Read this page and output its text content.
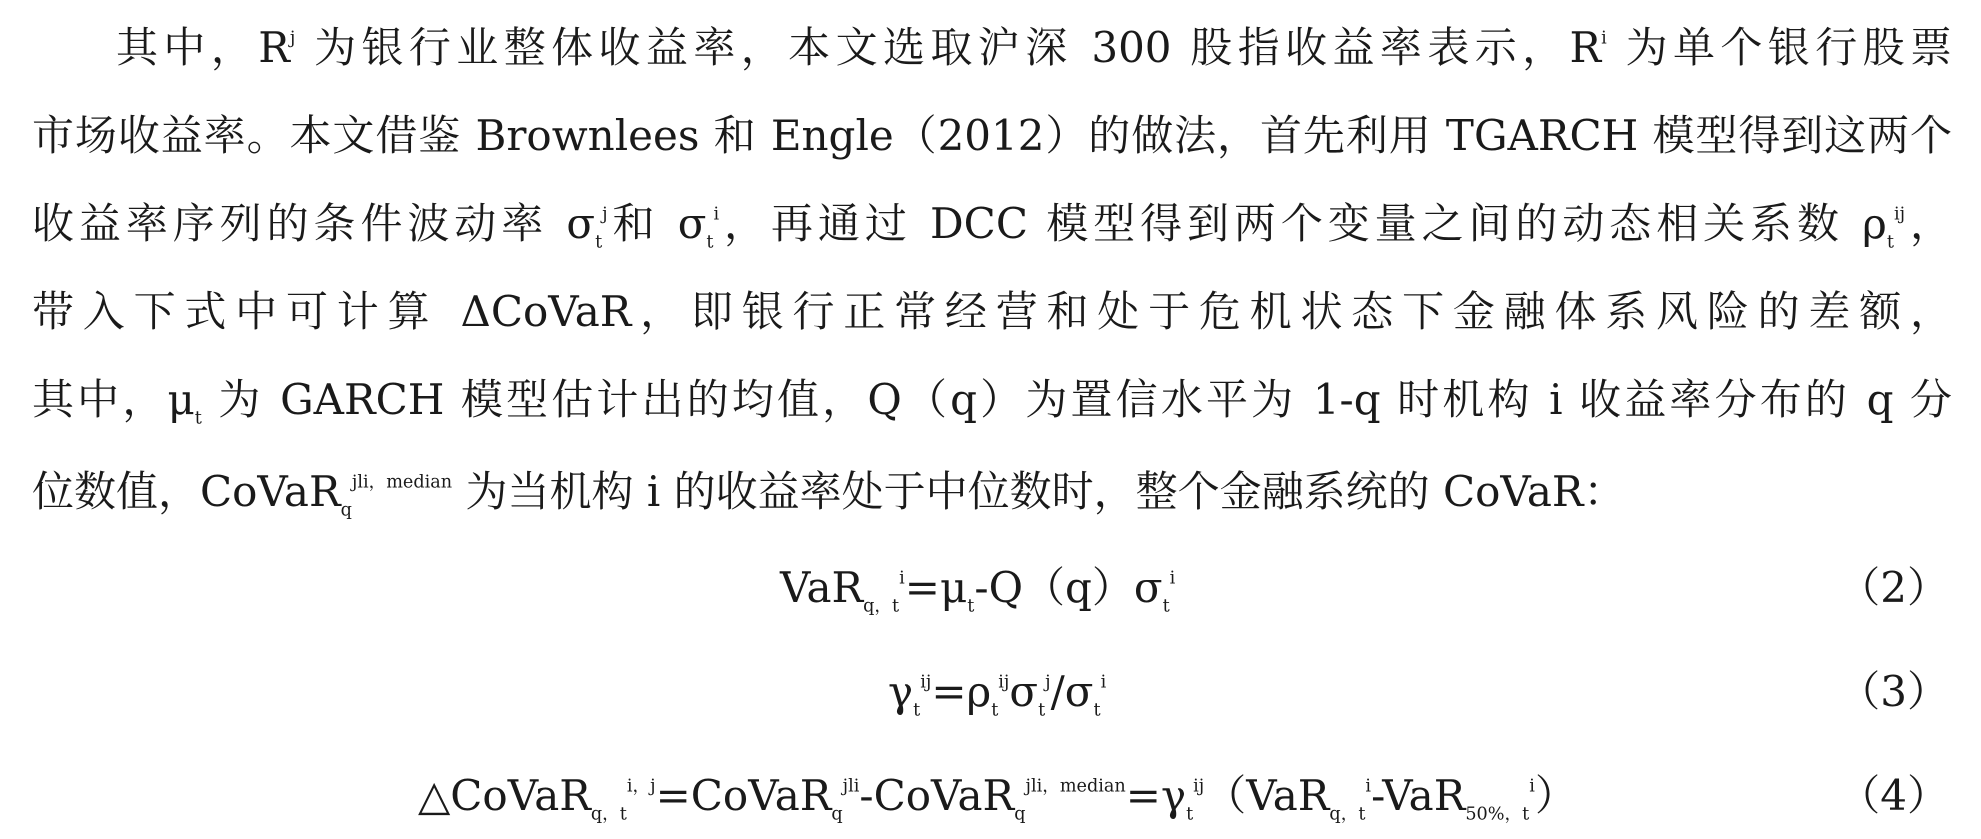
其中，$R^j$ 为银行业整体收益率，本文选取沪深 300 股指收益率表示，$R^i$ 为单个银行股票
市场收益率。本文借鉴 Brownlees 和 Engle（2012）的做法，首先利用 TGARCH 模型得到这两个
收益率序列的条件波动率 $\sigma_t^j$和 $\sigma_t^i$，再通过 DCC 模型得到两个变量之间的动态相关系数 $\rho_t^{ij}$，
带入下式中可计算 ΔCoVaR，即银行正常经营和处于危机状态下金融体系风险的差额，
其中，$\mu_t$ 为 GARCH 模型估计出的均值，Q（q）为置信水平为 1-q 时机构 i 收益率分布的 q 分
位数值，CoVaR$_q^{jli,median}$ 为当机构 i 的收益率处于中位数时，整个金融系统的 CoVaR：
$VaR_{q,t}^i=\mu_t-Q(q)\sigma_t^i$	（2）
$\gamma_t^{ij}=\rho_t^{ij}\sigma_t^j/\sigma_t^i$	（3）
$\triangle CoVaR_{q,t}^{i,j}=CoVaR_q^{jli}-CoVaR_q^{jli,median}=\gamma_t^{ij}(VaR_{q,t}^i-VaR_{50\%,t}^i)$	（4）
